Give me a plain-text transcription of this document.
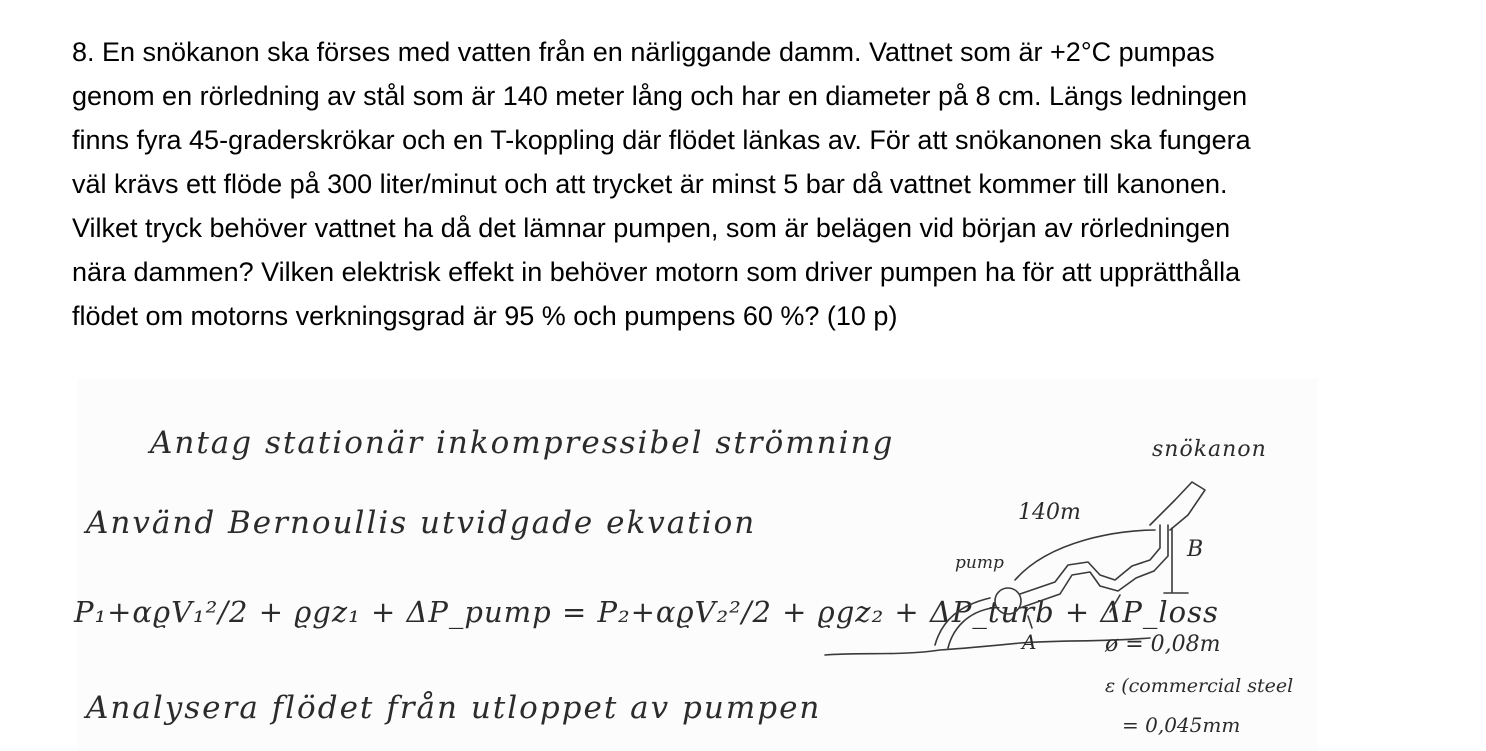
8. En snökanon ska förses med vatten från en närliggande damm. Vattnet som är +2°C pumpas
genom en rörledning av stål som är 140 meter lång och har en diameter på 8 cm. Längs ledningen
finns fyra 45-graderskrökar och en T-koppling där flödet länkas av. För att snökanonen ska fungera
väl krävs ett flöde på 300 liter/minut och att trycket är minst 5 bar då vattnet kommer till kanonen.
Vilket tryck behöver vattnet ha då det lämnar pumpen, som är belägen vid början av rörledningen
nära dammen? Vilken elektrisk effekt in behöver motorn som driver pumpen ha för att upprätthålla
flödet om motorns verkningsgrad är 95 % och pumpens 60 %? (10 p)

Antag stationär inkompressibel strömning

Använd Bernoullis utvidgade ekvation

P₁+αϱV₁²/2 + ϱgz₁ + ΔP_pump = P₂+αϱV₂²/2 + ϱgz₂ + ΔP_turb + ΔP_loss

Analysera flödet från utloppet av pumpen

snökanon
140m
pump
A
B
ø = 0,08m
ε (commercial steel
= 0,045mm
